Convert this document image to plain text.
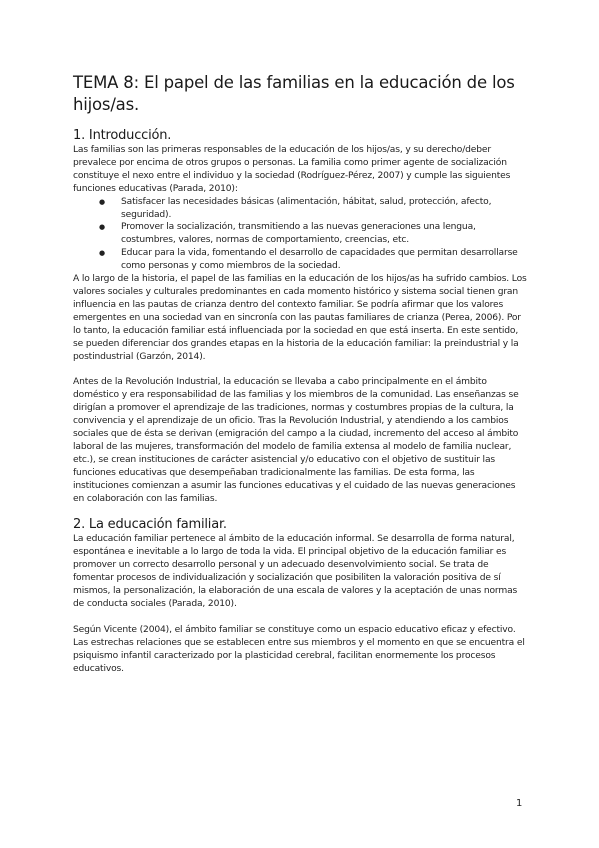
TEMA 8: El papel de las familias en la educación de los hijos/as.
1. Introducción.

Las familias son las primeras responsables de la educación de los hijos/as, y su derecho/deber prevalece por encima de otros grupos o personas. La familia como primer agente de socialización constituye el nexo entre el individuo y la sociedad (Rodríguez-Pérez, 2007) y cumple las siguientes funciones educativas (Parada, 2010):

● Satisfacer las necesidades básicas (alimentación, hábitat, salud, protección, afecto, seguridad).
● Promover la socialización, transmitiendo a las nuevas generaciones una lengua, costumbres, valores, normas de comportamiento, creencias, etc.
● Educar para la vida, fomentando el desarrollo de capacidades que permitan desarrollarse como personas y como miembros de la sociedad.

A lo largo de la historia, el papel de las familias en la educación de los hijos/as ha sufrido cambios. Los valores sociales y culturales predominantes en cada momento histórico y sistema social tienen gran influencia en las pautas de crianza dentro del contexto familiar. Se podría afirmar que los valores emergentes en una sociedad van en sincronía con las pautas familiares de crianza (Perea, 2006). Por lo tanto, la educación familiar está influenciada por la sociedad en que está inserta. En este sentido, se pueden diferenciar dos grandes etapas en la historia de la educación familiar: la preindustrial y la postindustrial (Garzón, 2014).

Antes de la Revolución Industrial, la educación se llevaba a cabo principalmente en el ámbito doméstico y era responsabilidad de las familias y los miembros de la comunidad. Las enseñanzas se dirigían a promover el aprendizaje de las tradiciones, normas y costumbres propias de la cultura, la convivencia y el aprendizaje de un oficio. Tras la Revolución Industrial, y atendiendo a los cambios sociales que de ésta se derivan (emigración del campo a la ciudad, incremento del acceso al ámbito laboral de las mujeres, transformación del modelo de familia extensa al modelo de familia nuclear, etc.), se crean instituciones de carácter asistencial y/o educativo con el objetivo de sustituir las funciones educativas que desempeñaban tradicionalmente las familias. De esta forma, las instituciones comienzan a asumir las funciones educativas y el cuidado de las nuevas generaciones en colaboración con las familias.

2. La educación familiar.

La educación familiar pertenece al ámbito de la educación informal. Se desarrolla de forma natural, espontánea e inevitable a lo largo de toda la vida. El principal objetivo de la educación familiar es promover un correcto desarrollo personal y un adecuado desenvolvimiento social. Se trata de fomentar procesos de individualización y socialización que posibiliten la valoración positiva de sí mismos, la personalización, la elaboración de una escala de valores y la aceptación de unas normas de conducta sociales (Parada, 2010).

Según Vicente (2004), el ámbito familiar se constituye como un espacio educativo eficaz y efectivo. Las estrechas relaciones que se establecen entre sus miembros y el momento en que se encuentra el psiquismo infantil caracterizado por la plasticidad cerebral, facilitan enormemente los procesos educativos.

1
